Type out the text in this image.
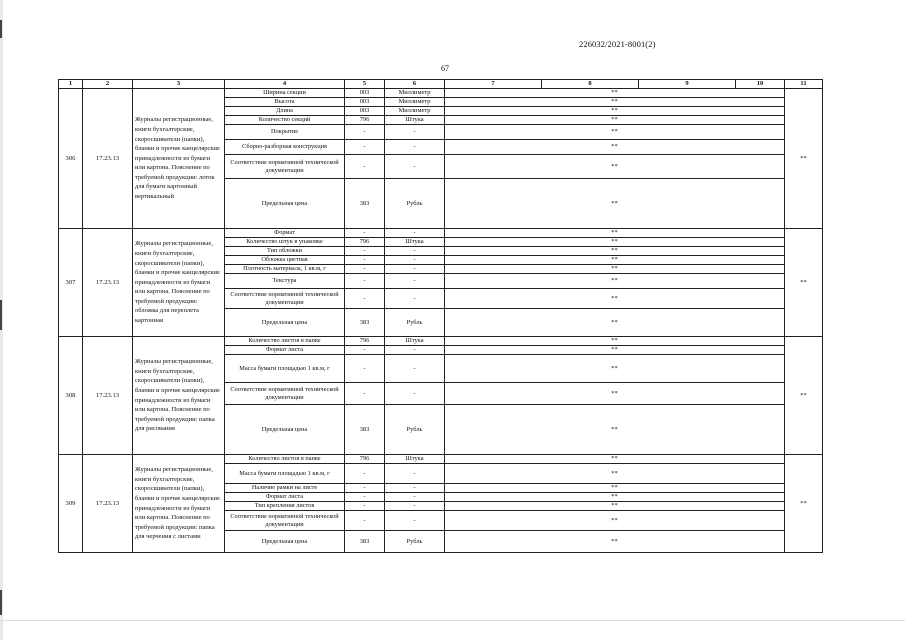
226032/2021-8001(2)
67
1	2	3	4	5	6	7	8	9	10	11
306	17.23.13	Журналы регистрационные, книги бухгалтерские, скоросшиватели (папки), бланки и прочие канцелярские принадлежности из бумаги или картона. Пояснение по требуемой продукции: лоток для бумаги картонный вертикальный	Ширина секции	003	Миллиметр	**				**
			Высота	003	Миллиметр	**				
			Длина	003	Миллиметр	**				
			Количество секций	796	Штука	**				
			Покрытие	-	-	**				
			Сборно-разборная конструкция	-	-	**				
			Соответствие нормативной технической документации	-	-	**				
			Предельная цена	383	Рубль	**				
307	17.23.13	Журналы регистрационные, книги бухгалтерские, скоросшиватели (папки), бланки и прочие канцелярские принадлежности из бумаги или картона. Пояснение по требуемой продукции: обложка для переплета картонная	Формат	-	-	**				**
			Количество штук в упаковке	796	Штука	**				
			Тип обложки	-	-	**				
			Обложка цветная	-	-	**				
			Плотность материала, 1 кв.м, г	-	-	**				
			Текстура	-	-	**				
			Соответствие нормативной технической документации	-	-	**				
			Предельная цена	383	Рубль	**				
308	17.23.13	Журналы регистрационные, книги бухгалтерские, скоросшиватели (папки), бланки и прочие канцелярские принадлежности из бумаги или картона. Пояснение по требуемой продукции: папка для рисования	Количество листов в папке	796	Штука	**				**
			Формат листа	-	-	**				
			Масса бумаги площадью 1 кв.м, г	-	-	**				
			Соответствие нормативной технической документации	-	-	**				
			Предельная цена	383	Рубль	**				
309	17.23.13	Журналы регистрационные, книги бухгалтерские, скоросшиватели (папки), бланки и прочие канцелярские принадлежности из бумаги или картона. Пояснение по требуемой продукции: папка для черчения с листами	Количество листов в папке	796	Штука	**				**
			Масса бумаги площадью 1 кв.м, г	-	-	**				
			Наличие рамки на листе	-	-	**				
			Формат листа	-	-	**				
			Тип крепления листов	-	-	**				
			Соответствие нормативной технической документации	-	-	**				
			Предельная цена	383	Рубль	**				
